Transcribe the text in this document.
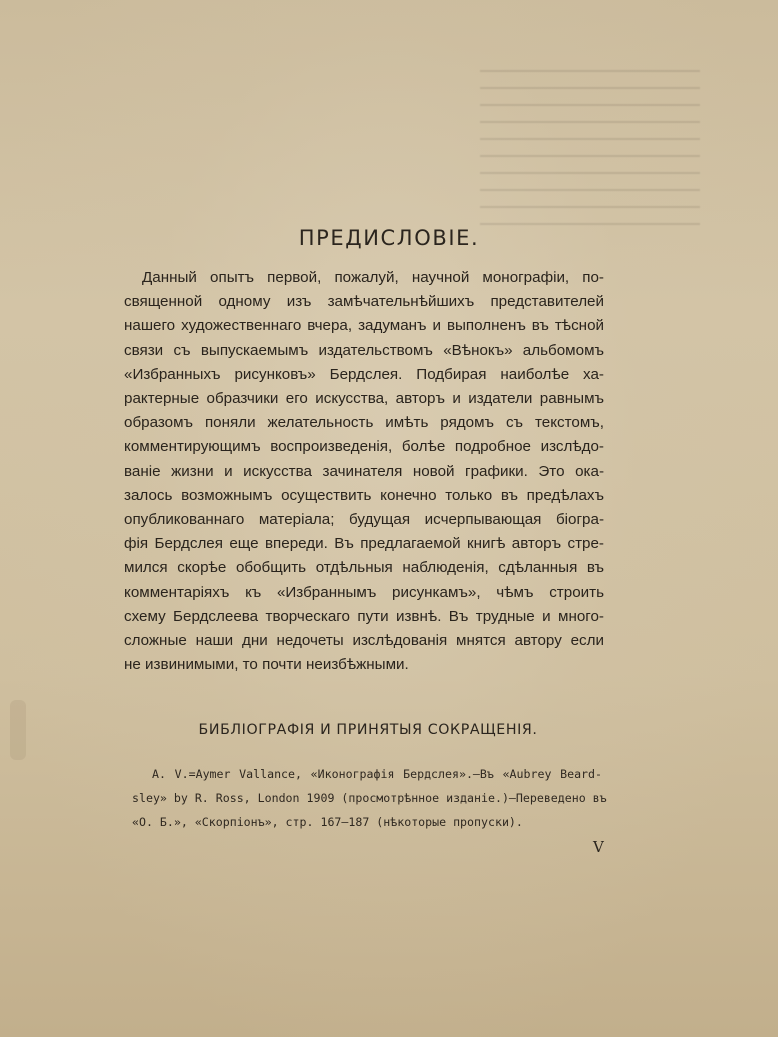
ПРЕДИСЛОВІЕ.
Данный опытъ первой, пожалуй, научной монографіи, по-
священной одному изъ замѣчательнѣйшихъ представителей
нашего художественнаго вчера, задуманъ и выполненъ въ тѣсной
связи съ выпускаемымъ издательствомъ «Вѣнокъ» альбомомъ
«Избранныхъ рисунковъ» Бердслея. Подбирая наиболѣе ха-
рактерные образчики его искусства, авторъ и издатели равнымъ
образомъ поняли желательность имѣть рядомъ съ текстомъ,
комментирующимъ воспроизведенія, болѣе подробное изслѣдо-
ваніе жизни и искусства зачинателя новой графики. Это ока-
залось возможнымъ осуществить конечно только въ предѣлахъ
опубликованнаго матеріала; будущая исчерпывающая біогра-
фія Бердслея еще впереди. Въ предлагаемой книгѣ авторъ стре-
мился скорѣе обобщить отдѣльныя наблюденія, сдѣланныя въ
комментаріяхъ къ «Избраннымъ рисункамъ», чѣмъ строить
схему Бердслеева творческаго пути извнѣ. Въ трудные и много-
сложные наши дни недочеты изслѣдованія мнятся автору если
не извинимыми, то почти неизбѣжными.
БИБЛІОГРАФІЯ И ПРИНЯТЫЯ СОКРАЩЕНІЯ.
A. V.=Aymer Vallance, «Иконографія Бердслея».—Въ «Aubrey Beard-
sley» by R. Ross, London 1909 (просмотрѣнное изданіе.)—Переведено въ
«О. Б.», «Скорпіонъ», стр. 167—187 (нѣкоторые пропуски).
V
